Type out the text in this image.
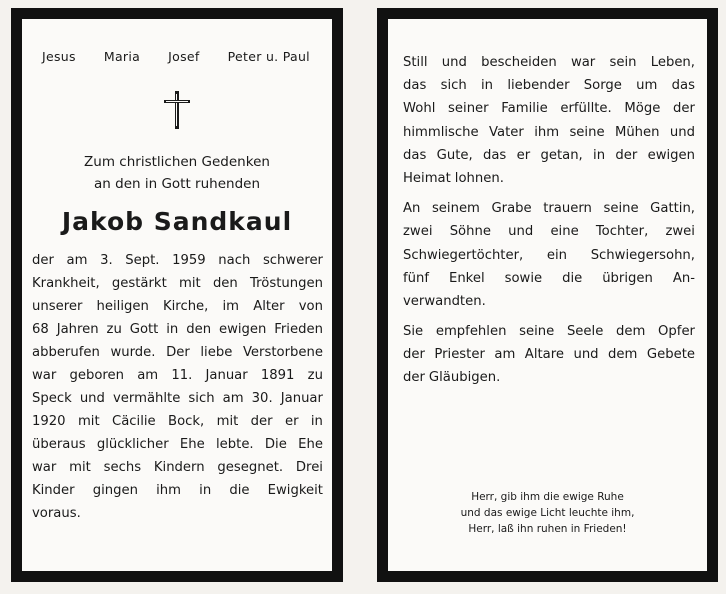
Jesus Maria Josef Peter u. Paul
Zum christlichen Gedenken
an den in Gott ruhenden
Jakob Sandkaul
der am 3. Sept. 1959 nach schwerer
Krankheit, gestärkt mit den Tröstungen
unserer heiligen Kirche, im Alter von
68 Jahren zu Gott in den ewigen Frieden
abberufen wurde. Der liebe Verstorbene
war geboren am 11. Januar 1891 zu
Speck und vermählte sich am 30. Januar
1920 mit Cäcilie Bock, mit der er in
überaus glücklicher Ehe lebte. Die Ehe
war mit sechs Kindern gesegnet. Drei
Kinder gingen ihm in die Ewigkeit
voraus.
Still und bescheiden war sein Leben,
das sich in liebender Sorge um das
Wohl seiner Familie erfüllte. Möge der
himmlische Vater ihm seine Mühen und
das Gute, das er getan, in der ewigen
Heimat lohnen.
An seinem Grabe trauern seine Gattin,
zwei Söhne und eine Tochter, zwei
Schwiegertöchter, ein Schwiegersohn,
fünf Enkel sowie die übrigen An-
verwandten.
Sie empfehlen seine Seele dem Opfer
der Priester am Altare und dem Gebete
der Gläubigen.
Herr, gib ihm die ewige Ruhe
und das ewige Licht leuchte ihm,
Herr, laß ihn ruhen in Frieden!
